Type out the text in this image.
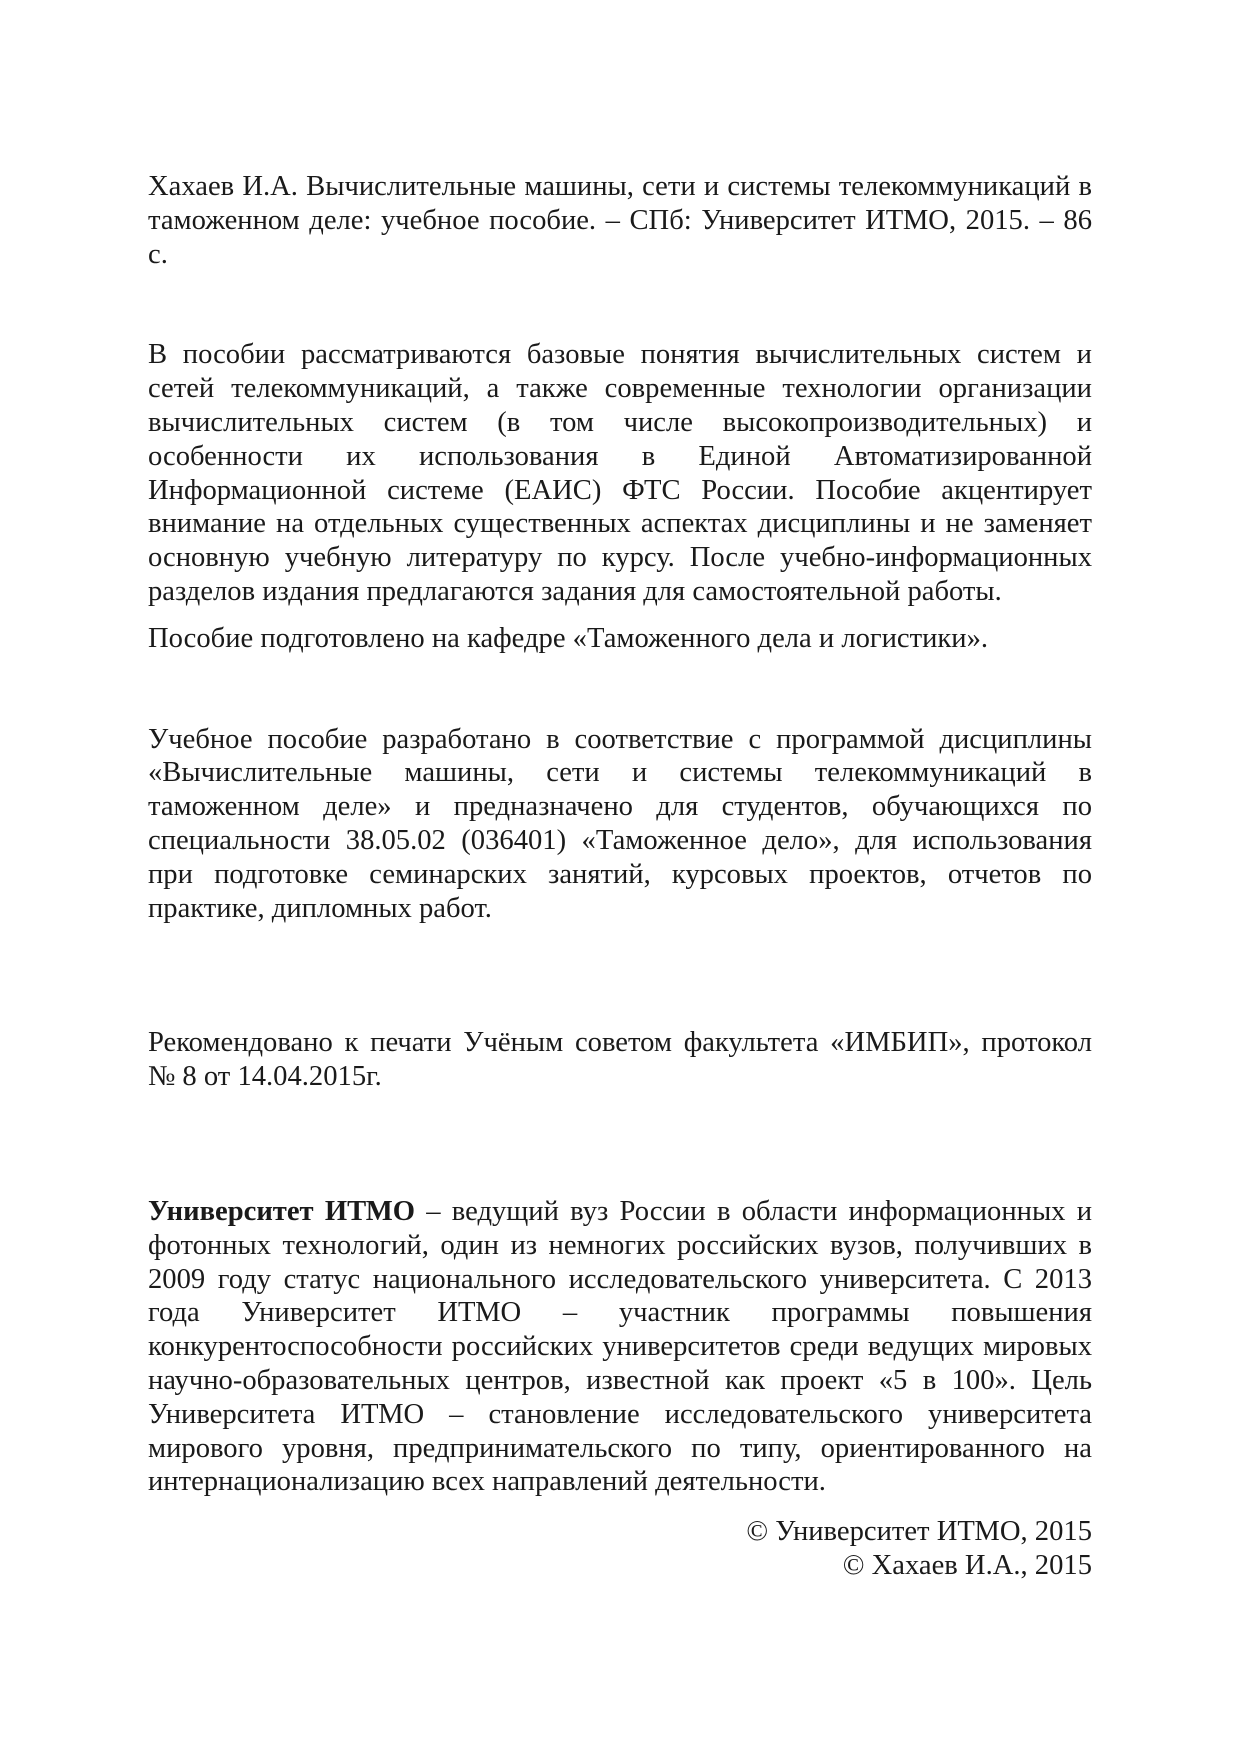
Хахаев И.А. Вычислительные машины, сети и системы телекоммуникаций в таможенном деле: учебное пособие. – СПб: Университет ИТМО, 2015. – 86 с.

В пособии рассматриваются базовые понятия вычислительных систем и сетей телекоммуникаций, а также современные технологии организации вычислительных систем (в том числе высокопроизводительных) и особенности их использования в Единой Автоматизированной Информационной системе (ЕАИС) ФТС России. Пособие акцентирует внимание на отдельных существенных аспектах дисциплины и не заменяет основную учебную литературу по курсу. После учебно-информационных разделов издания предлагаются задания для самостоятельной работы.

Пособие подготовлено на кафедре «Таможенного дела и логистики».

Учебное пособие разработано в соответствие с программой дисциплины «Вычислительные машины, сети и системы телекоммуникаций в таможенном деле» и предназначено для студентов, обучающихся по специальности 38.05.02 (036401) «Таможенное дело», для использования при подготовке семинарских занятий, курсовых проектов, отчетов по практике, дипломных работ.

Рекомендовано к печати Учёным советом факультета «ИМБИП», протокол № 8 от 14.04.2015г.

Университет ИТМО – ведущий вуз России в области информационных и фотонных технологий, один из немногих российских вузов, получивших в 2009 году статус национального исследовательского университета. С 2013 года Университет ИТМО – участник программы повышения конкурентоспособности российских университетов среди ведущих мировых научно-образовательных центров, известной как проект «5 в 100». Цель Университета ИТМО – становление исследовательского университета мирового уровня, предпринимательского по типу, ориентированного на интернационализацию всех направлений деятельности.

© Университет ИТМО, 2015
© Хахаев И.А., 2015
